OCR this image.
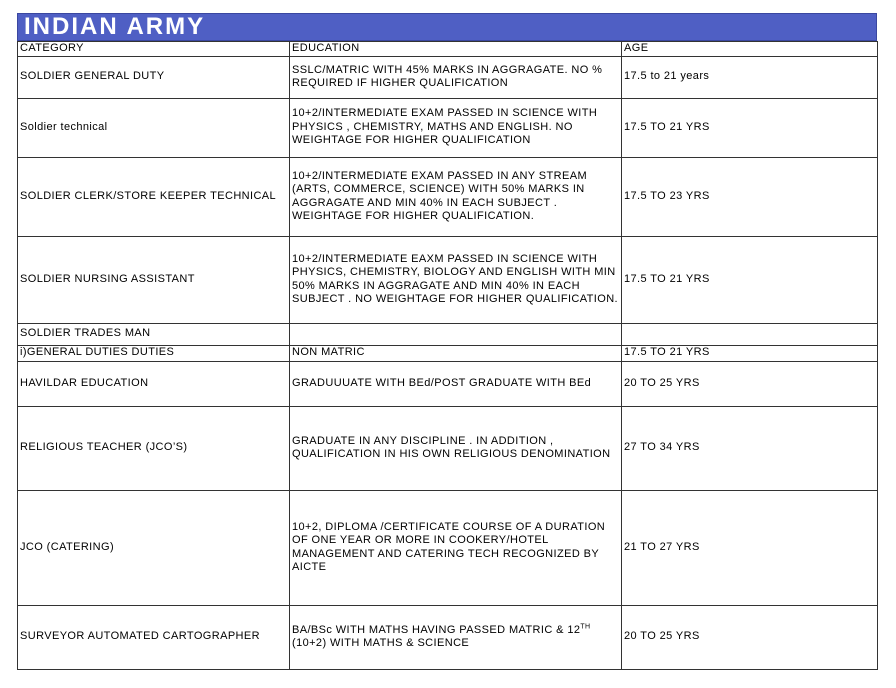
INDIAN ARMY
CATEGORY	EDUCATION	AGE
SOLDIER GENERAL DUTY	SSLC/MATRIC WITH 45% MARKS IN AGGRAGATE. NO % REQUIRED IF HIGHER QUALIFICATION	17.5 to 21 years
Soldier technical	10+2/INTERMEDIATE EXAM PASSED IN SCIENCE WITH PHYSICS , CHEMISTRY, MATHS AND ENGLISH. NO WEIGHTAGE FOR HIGHER QUALIFICATION	17.5 TO 21 YRS
SOLDIER CLERK/STORE KEEPER TECHNICAL	10+2/INTERMEDIATE EXAM PASSED IN ANY STREAM (ARTS, COMMERCE, SCIENCE) WITH 50% MARKS IN AGGRAGATE AND MIN 40% IN EACH SUBJECT . WEIGHTAGE FOR HIGHER QUALIFICATION.	17.5 TO 23 YRS
SOLDIER NURSING ASSISTANT	10+2/INTERMEDIATE EAXM PASSED IN SCIENCE WITH PHYSICS, CHEMISTRY, BIOLOGY AND ENGLISH WITH MIN 50% MARKS IN AGGRAGATE AND MIN 40% IN EACH SUBJECT . NO WEIGHTAGE FOR HIGHER QUALIFICATION.	17.5 TO 21 YRS
SOLDIER TRADES MAN		
i)GENERAL DUTIES DUTIES	NON MATRIC	17.5 TO 21 YRS
HAVILDAR EDUCATION	GRADUUUATE WITH BEd/POST GRADUATE WITH BEd	20 TO 25 YRS
RELIGIOUS TEACHER (JCO’S)	GRADUATE IN ANY DISCIPLINE . IN ADDITION , QUALIFICATION IN HIS OWN RELIGIOUS DENOMINATION	27 TO 34 YRS
JCO (CATERING)	10+2, DIPLOMA /CERTIFICATE COURSE OF A DURATION OF ONE YEAR OR MORE IN COOKERY/HOTEL MANAGEMENT AND CATERING TECH RECOGNIZED BY AICTE	21 TO 27 YRS
SURVEYOR AUTOMATED CARTOGRAPHER	BA/BSc WITH MATHS HAVING PASSED MATRIC & 12TH (10+2) WITH MATHS & SCIENCE	20 TO 25 YRS
